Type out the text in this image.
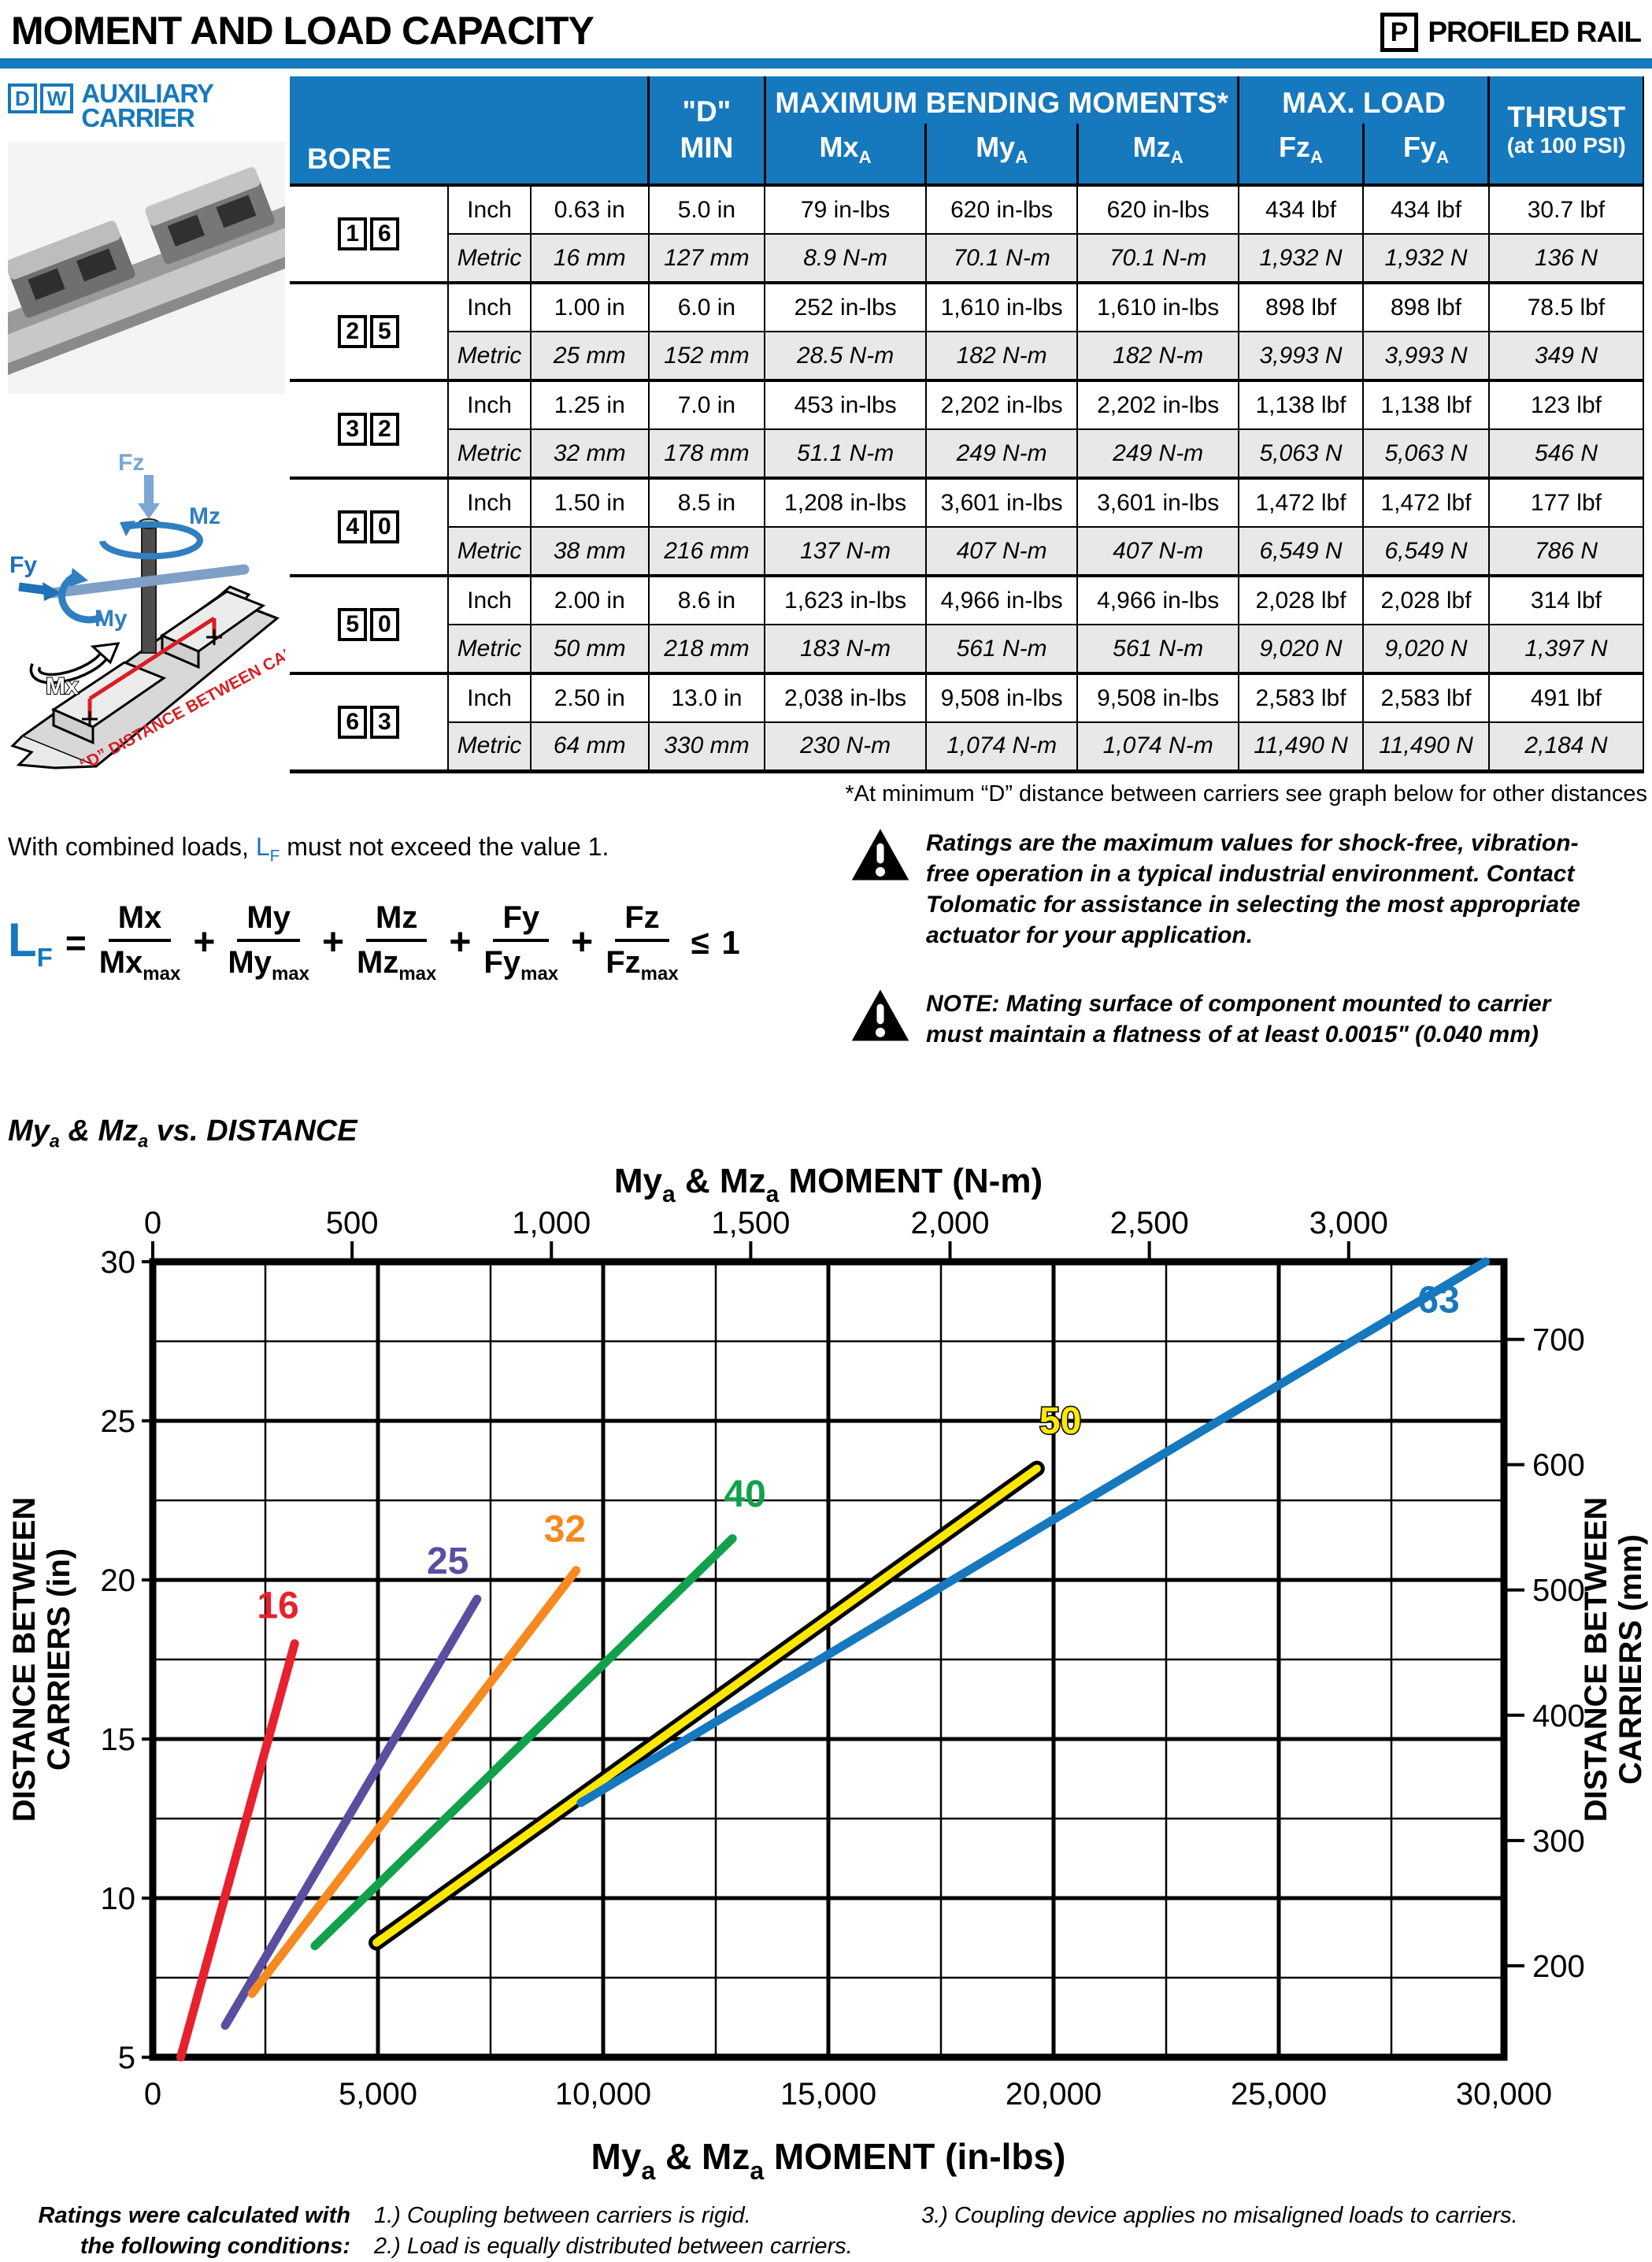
MOMENT AND LOAD CAPACITY	P PROFILED RAIL
D W AUXILIARY CARRIER
Fz
Mz
Fy
My
Mx
“D” DISTANCE BETWEEN CARRIERS
BORE	
"D"
MIN
	MAXIMUM BENDING MOMENTS*	MAX. LOAD	THRUST
(at 100 PSI)

				$Mx_A$	$My_A$	$Mz_A$	$Fz_A$	$Fy_A$
1 6	Inch	0.63 in	5.0 in	79 in-lbs	620 in-lbs	620 in-lbs	434 lbf	434 lbf	30.7 lbf
	Metric	16 mm	127 mm	8.9 N-m	70.1 N-m	70.1 N-m	1,932 N	1,932 N	136 N
2 5	Inch	1.00 in	6.0 in	252 in-lbs	1,610 in-lbs	1,610 in-lbs	898 lbf	898 lbf	78.5 lbf
	Metric	25 mm	152 mm	28.5 N-m	182 N-m	182 N-m	3,993 N	3,993 N	349 N
3 2	Inch	1.25 in	7.0 in	453 in-lbs	2,202 in-lbs	2,202 in-lbs	1,138 lbf	1,138 lbf	123 lbf
	Metric	32 mm	178 mm	51.1 N-m	249 N-m	249 N-m	5,063 N	5,063 N	546 N
4 0	Inch	1.50 in	8.5 in	1,208 in-lbs	3,601 in-lbs	3,601 in-lbs	1,472 lbf	1,472 lbf	177 lbf
	Metric	38 mm	216 mm	137 N-m	407 N-m	407 N-m	6,549 N	6,549 N	786 N
5 0	Inch	2.00 in	8.6 in	1,623 in-lbs	4,966 in-lbs	4,966 in-lbs	2,028 lbf	2,028 lbf	314 lbf
	Metric	50 mm	218 mm	183 N-m	561 N-m	561 N-m	9,020 N	9,020 N	1,397 N
6 3	Inch	2.50 in	13.0 in	2,038 in-lbs	9,508 in-lbs	9,508 in-lbs	2,583 lbf	2,583 lbf	491 lbf
	Metric	64 mm	330 mm	230 N-m	1,074 N-m	1,074 N-m	11,490 N	11,490 N	2,184 N
*At minimum “D” distance between carriers see graph below for other distances
With combined loads, $L_F$ must not exceed the value 1.
$L_F = \frac{Mx}{Mx_{max}} + \frac{My}{My_{max}} + \frac{Mz}{Mz_{max}} + \frac{Fy}{Fy_{max}} + \frac{Fz}{Fz_{max}} \le 1$
Ratings are the maximum values for shock-free, vibration-free operation in a typical industrial environment. Contact Tolomatic for assistance in selecting the most appropriate actuator for your application.
NOTE: Mating surface of component mounted to carrier must maintain a flatness of at least 0.0015" (0.040 mm)
$My_a$ & $Mz_a$ vs. DISTANCE
$My_a$ & $Mz_a$ MOMENT (N-m)
0	500	1,000	1,500	2,000	2,500	3,000
0	5,000	10,000	15,000	20,000	25,000	30,000
$My_a$ & $Mz_a$ MOMENT (in-lbs)
5
10
15
20
25
30
DISTANCE BETWEENCARRIERS (in)
200
300
400
500
600
700
DISTANCE BETWEENCARRIERS (mm)
16
25
32
40
50
63
Ratings were calculated with
the following conditions:
1.) Coupling between carriers is rigid.
2.) Load is equally distributed between carriers.
3.) Coupling device applies no misaligned loads to carriers.
